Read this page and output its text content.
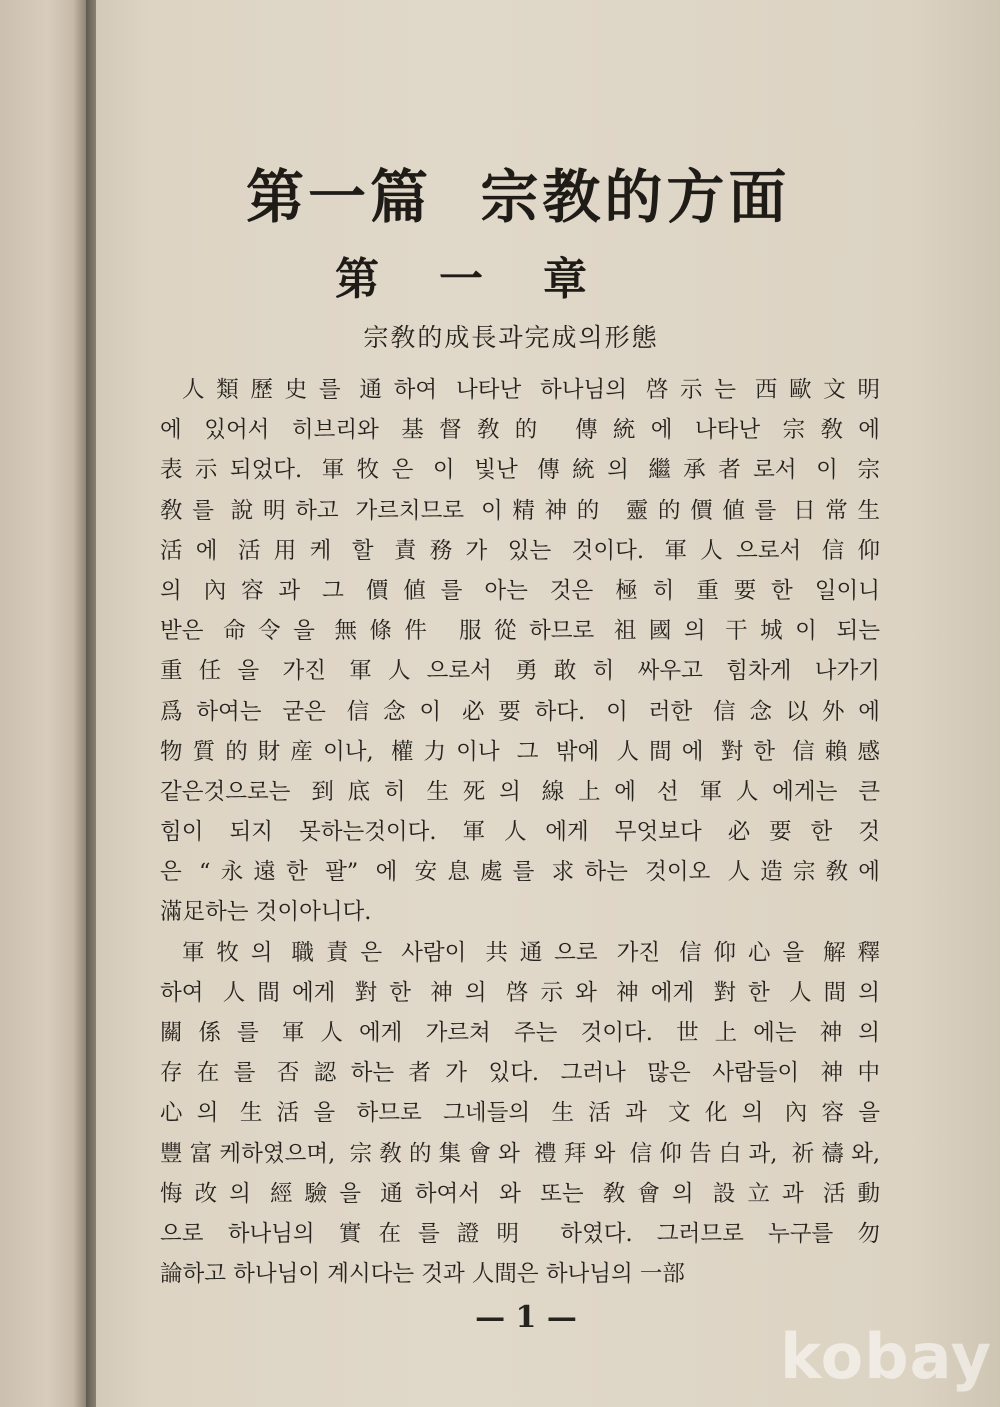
第一篇  宗教的方面
第一章
宗敎的成長과完成의形態
人類歷史를 通하여 나타난 하나님의 啓示는 西歐文明
에 있어서 히브리와 基督敎的 傳統에 나타난 宗敎에
表示되었다. 軍牧은 이 빛난 傳統의 繼承者로서 이 宗
敎를 說明하고 가르치므로 이精神的 靈的價値를 日常生
活에 活用케 할 責務가 있는 것이다. 軍人으로서 信仰
의 內容과 그 價値를 아는 것은 極히 重要한 일이니
받은 命令을 無條件 服從하므로 祖國의 干城이 되는
重任을 가진 軍人으로서 勇敢히 싸우고 힘차게 나가기
爲하여는 굳은 信念이 必要하다. 이 러한 信念以外에
物質的財産이나, 權力이나 그 밖에 人間에 對한 信賴感
같은것으로는 到底히 生死의 線上에 선 軍人에게는 큰
힘이 되지 못하는것이다. 軍人에게 무엇보다 必要한 것
은 “永遠한 팔” 에 安息處를 求하는 것이오 人造宗敎에
滿足하는 것이아니다.
軍牧의 職責은 사람이 共通으로 가진 信仰心을 解釋
하여 人間에게 對한 神의 啓示와 神에게 對한 人間의
關係를 軍人에게 가르쳐 주는 것이다. 世上에는 神의
存在를 否認하는者가 있다. 그러나 많은 사람들이 神中
心의 生活을 하므로 그네들의 生活과 文化의 內容을
豐富케하였으며, 宗敎的集會와 禮拜와 信仰告白과, 祈禱와,
悔改의 經驗을 通하여서 와 또는 敎會의 設立과 活動
으로 하나님의 實在를證明 하였다. 그러므로 누구를 勿
論하고 하나님이 계시다는 것과 人間은 하나님의 一部
— 1 —
kobay
